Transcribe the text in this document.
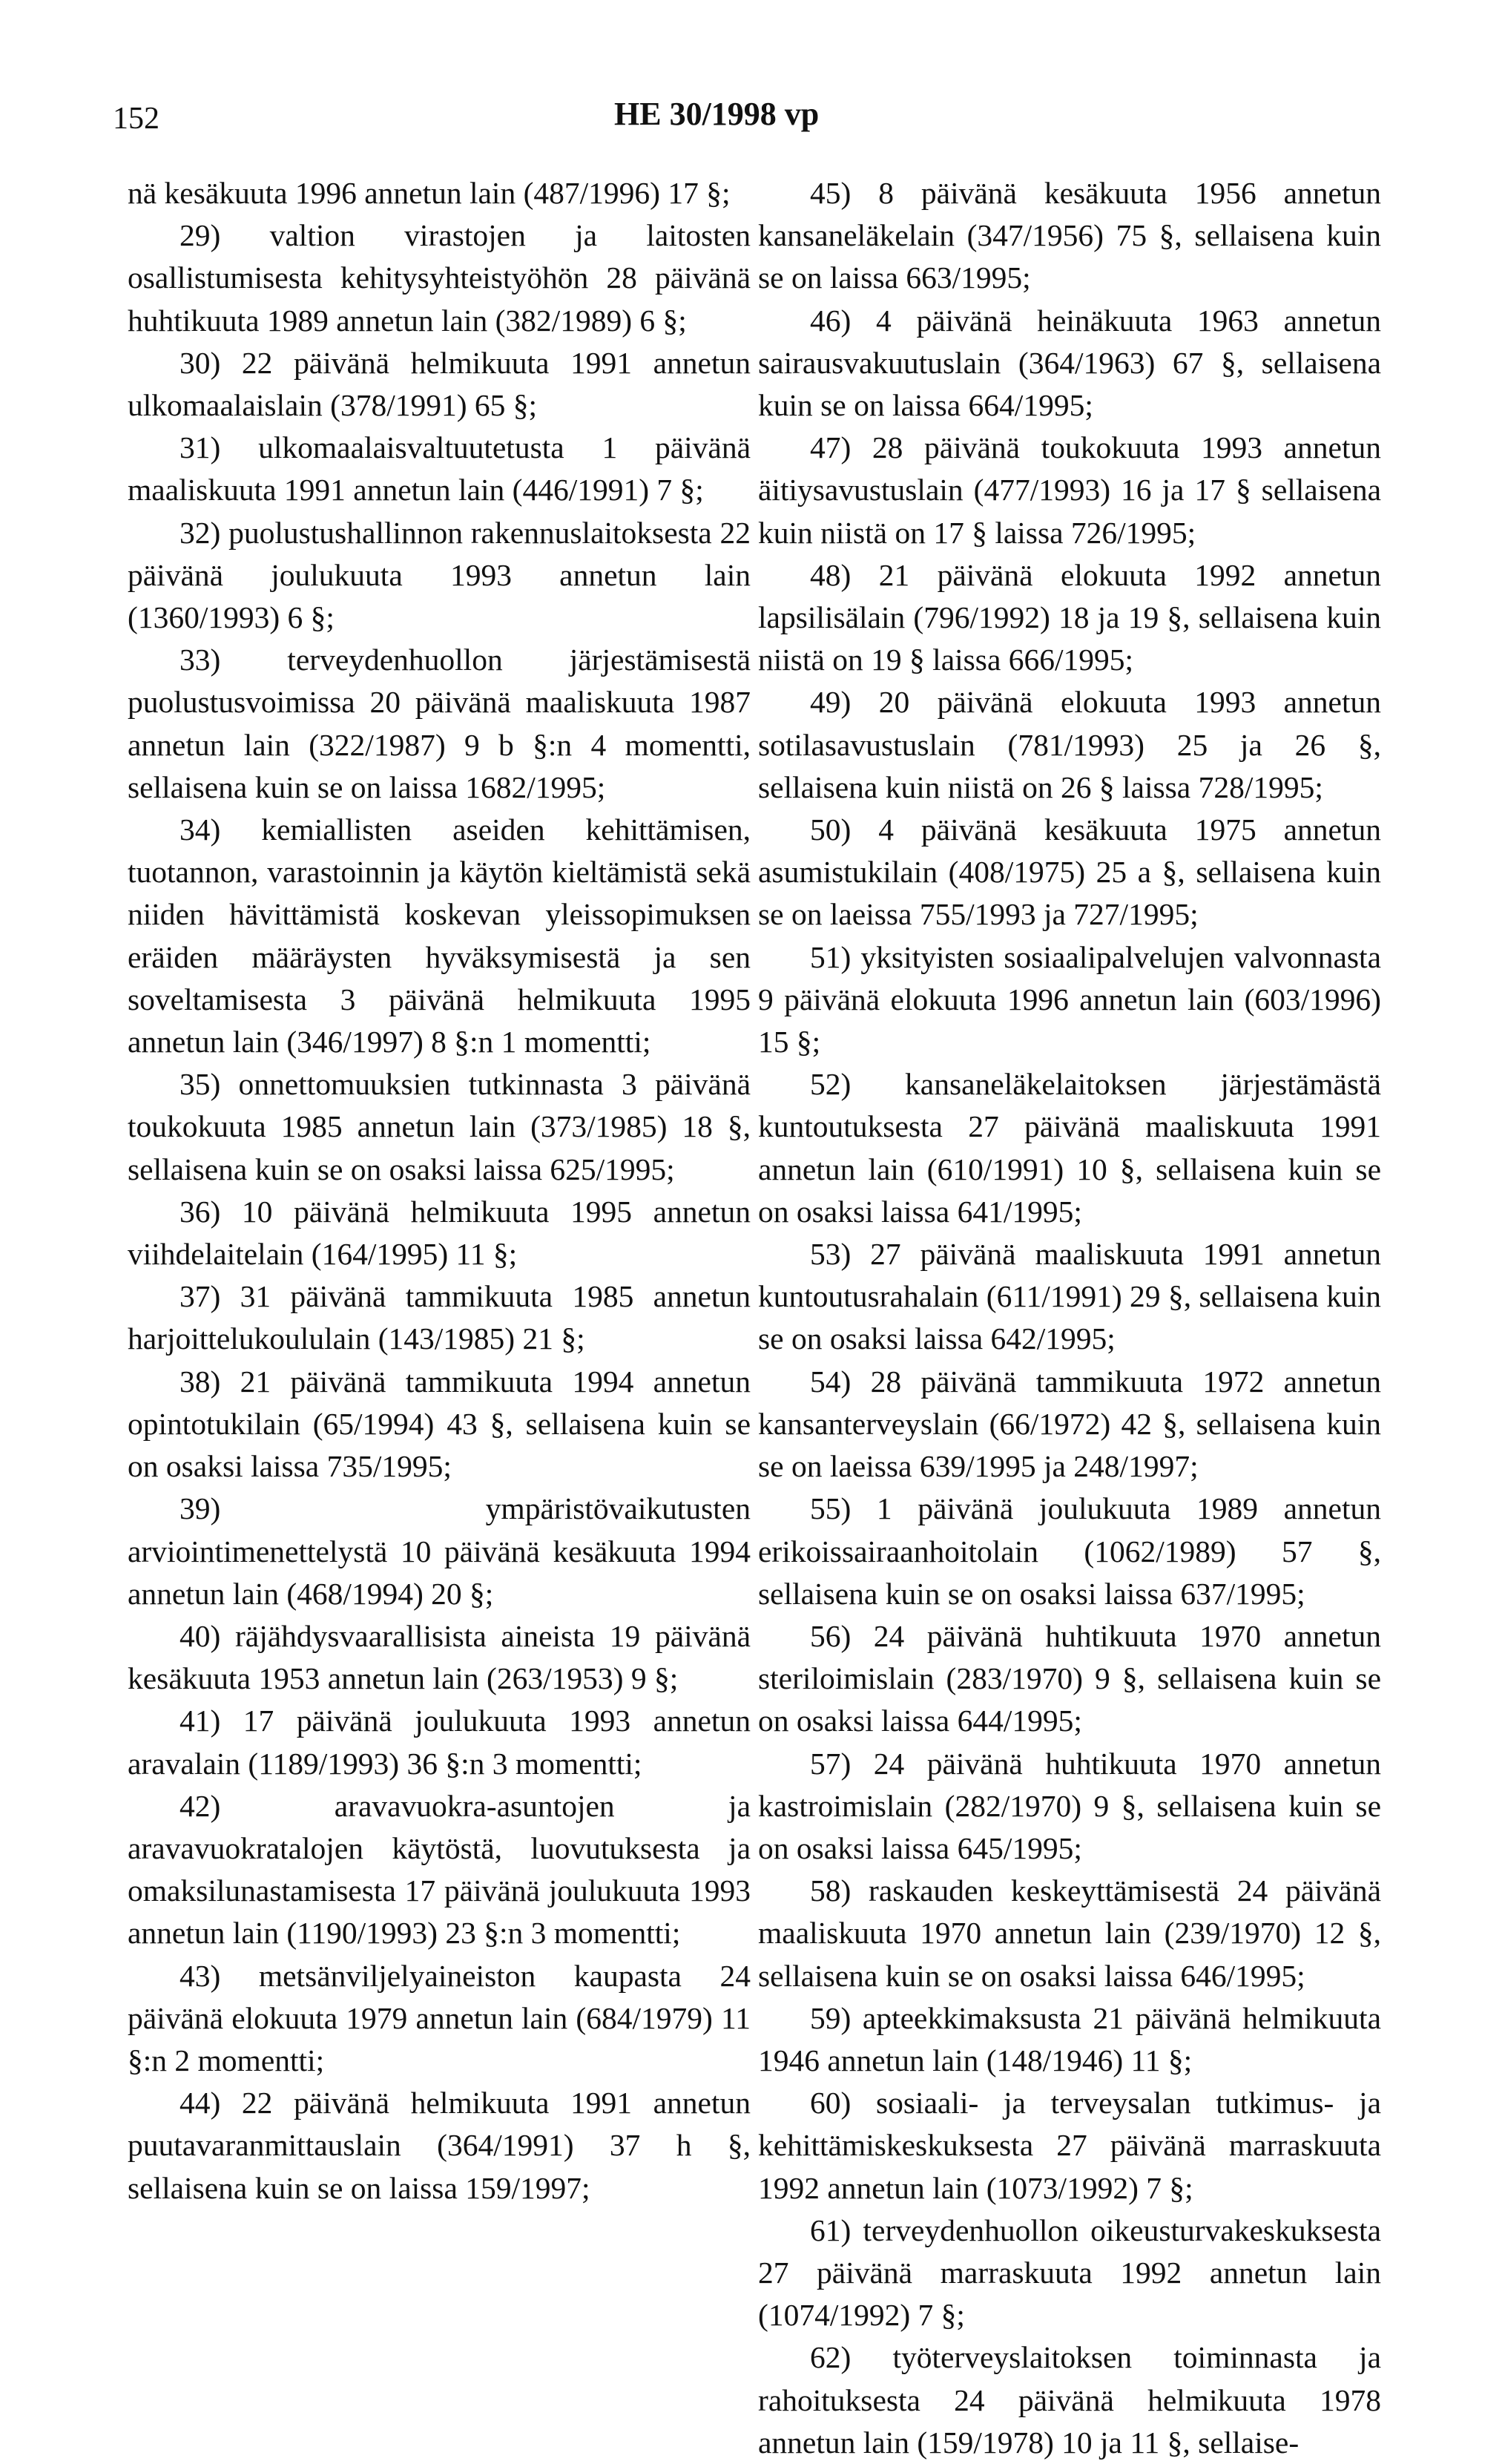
152	HE 30/1998 vp

nä kesäkuuta 1996 annetun lain (487/1996) 17 §;

29) valtion virastojen ja laitosten osallistumisesta kehitysyhteistyöhön 28 päivänä huhtikuuta 1989 annetun lain (382/1989) 6 §;

30) 22 päivänä helmikuuta 1991 annetun ulkomaalaislain (378/1991) 65 §;

31) ulkomaalaisvaltuutetusta 1 päivänä maaliskuuta 1991 annetun lain (446/1991) 7 §;

32) puolustushallinnon rakennuslaitoksesta 22 päivänä joulukuuta 1993 annetun lain (1360/1993) 6 §;

33) terveydenhuollon järjestämisestä puolustusvoimissa 20 päivänä maaliskuuta 1987 annetun lain (322/1987) 9 b §:n 4 momentti, sellaisena kuin se on laissa 1682/1995;

34) kemiallisten aseiden kehittämisen, tuotannon, varastoinnin ja käytön kieltämistä sekä niiden hävittämistä koskevan yleissopimuksen eräiden määräysten hyväksymisestä ja sen soveltamisesta 3 päivänä helmikuuta 1995 annetun lain (346/1997) 8 §:n 1 momentti;

35) onnettomuuksien tutkinnasta 3 päivänä toukokuuta 1985 annetun lain (373/1985) 18 §, sellaisena kuin se on osaksi laissa 625/1995;

36) 10 päivänä helmikuuta 1995 annetun viihdelaitelain (164/1995) 11 §;

37) 31 päivänä tammikuuta 1985 annetun harjoittelukoululain (143/1985) 21 §;

38) 21 päivänä tammikuuta 1994 annetun opintotukilain (65/1994) 43 §, sellaisena kuin se on osaksi laissa 735/1995;

39) ympäristövaikutusten arviointimenettelystä 10 päivänä kesäkuuta 1994 annetun lain (468/1994) 20 §;

40) räjähdysvaarallisista aineista 19 päivänä kesäkuuta 1953 annetun lain (263/1953) 9 §;

41) 17 päivänä joulukuuta 1993 annetun aravalain (1189/1993) 36 §:n 3 momentti;

42) aravavuokra-asuntojen ja aravavuokratalojen käytöstä, luovutuksesta ja omaksilunastamisesta 17 päivänä joulukuuta 1993 annetun lain (1190/1993) 23 §:n 3 momentti;

43) metsänviljelyaineiston kaupasta 24 päivänä elokuuta 1979 annetun lain (684/1979) 11 §:n 2 momentti;

44) 22 päivänä helmikuuta 1991 annetun puutavaranmittauslain (364/1991) 37 h §, sellaisena kuin se on laissa 159/1997;

45) 8 päivänä kesäkuuta 1956 annetun kansaneläkelain (347/1956) 75 §, sellaisena kuin se on laissa 663/1995;

46) 4 päivänä heinäkuuta 1963 annetun sairausvakuutuslain (364/1963) 67 §, sellaisena kuin se on laissa 664/1995;

47) 28 päivänä toukokuuta 1993 annetun äitiysavustuslain (477/1993) 16 ja 17 § sellaisena kuin niistä on 17 § laissa 726/1995;

48) 21 päivänä elokuuta 1992 annetun lapsilisälain (796/1992) 18 ja 19 §, sellaisena kuin niistä on 19 § laissa 666/1995;

49) 20 päivänä elokuuta 1993 annetun sotilasavustuslain (781/1993) 25 ja 26 §, sellaisena kuin niistä on 26 § laissa 728/1995;

50) 4 päivänä kesäkuuta 1975 annetun asumistukilain (408/1975) 25 a §, sellaisena kuin se on laeissa 755/1993 ja 727/1995;

51) yksityisten sosiaalipalvelujen valvonnasta 9 päivänä elokuuta 1996 annetun lain (603/1996) 15 §;

52) kansaneläkelaitoksen järjestämästä kuntoutuksesta 27 päivänä maaliskuuta 1991 annetun lain (610/1991) 10 §, sellaisena kuin se on osaksi laissa 641/1995;

53) 27 päivänä maaliskuuta 1991 annetun kuntoutusrahalain (611/1991) 29 §, sellaisena kuin se on osaksi laissa 642/1995;

54) 28 päivänä tammikuuta 1972 annetun kansanterveyslain (66/1972) 42 §, sellaisena kuin se on laeissa 639/1995 ja 248/1997;

55) 1 päivänä joulukuuta 1989 annetun erikoissairaanhoitolain (1062/1989) 57 §, sellaisena kuin se on osaksi laissa 637/1995;

56) 24 päivänä huhtikuuta 1970 annetun steriloimislain (283/1970) 9 §, sellaisena kuin se on osaksi laissa 644/1995;

57) 24 päivänä huhtikuuta 1970 annetun kastroimislain (282/1970) 9 §, sellaisena kuin se on osaksi laissa 645/1995;

58) raskauden keskeyttämisestä 24 päivänä maaliskuuta 1970 annetun lain (239/1970) 12 §, sellaisena kuin se on osaksi laissa 646/1995;

59) apteekkimaksusta 21 päivänä helmikuuta 1946 annetun lain (148/1946) 11 §;

60) sosiaali- ja terveysalan tutkimus- ja kehittämiskeskuksesta 27 päivänä marraskuuta 1992 annetun lain (1073/1992) 7 §;

61) terveydenhuollon oikeusturvakeskuksesta 27 päivänä marraskuuta 1992 annetun lain (1074/1992) 7 §;

62) työterveyslaitoksen toiminnasta ja rahoituksesta 24 päivänä helmikuuta 1978 annetun lain (159/1978) 10 ja 11 §, sellaise-
